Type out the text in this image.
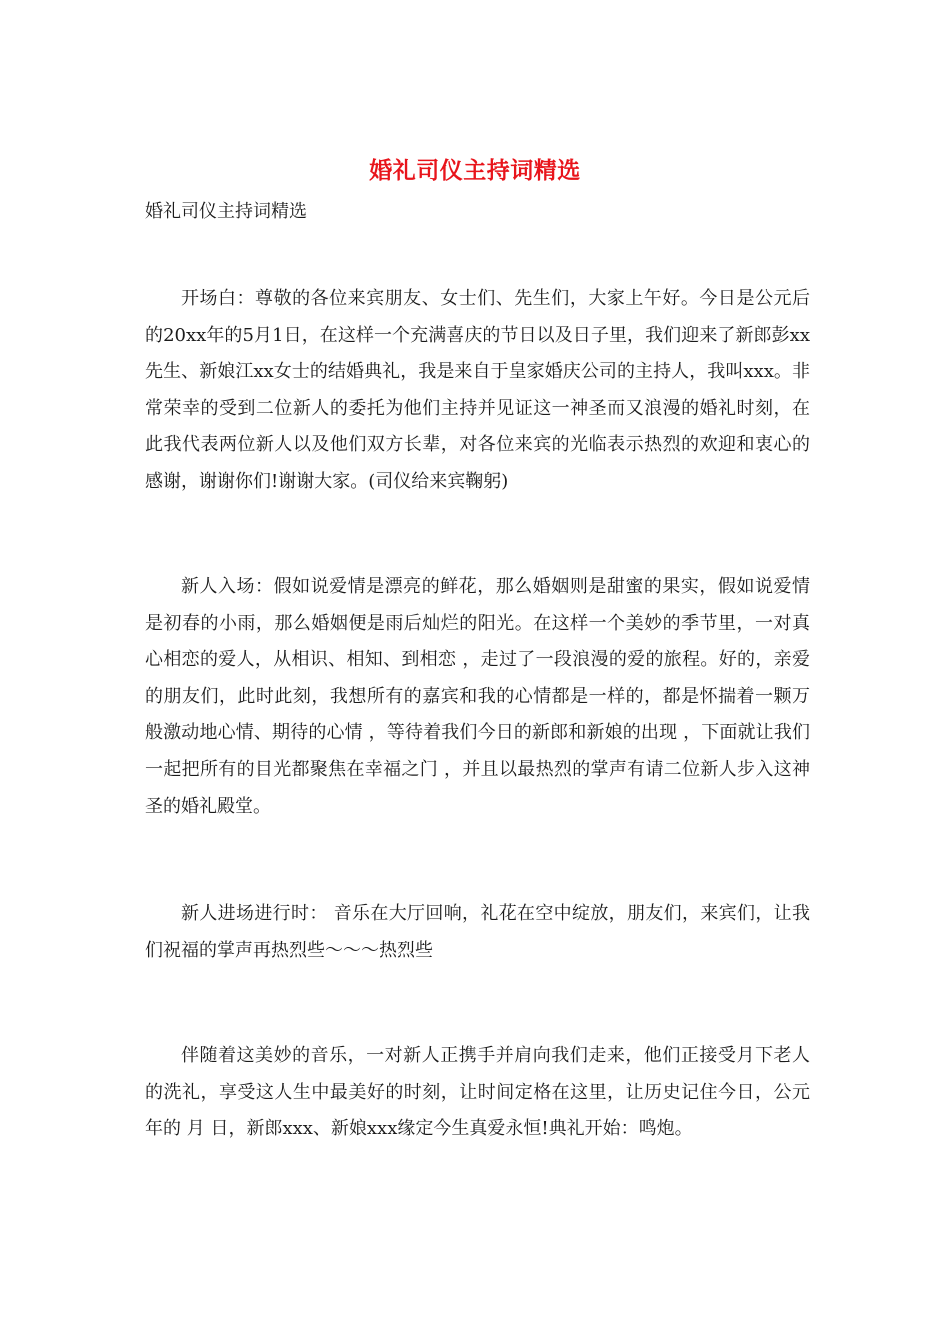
婚礼司仪主持词精选
婚礼司仪主持词精选

开场白：尊敬的各位来宾朋友、女士们、先生们，大家上午好。今日是公元后的20xx年的5月1日，在这样一个充满喜庆的节日以及日子里，我们迎来了新郎彭xx先生、新娘江xx女士的结婚典礼，我是来自于皇家婚庆公司的主持人，我叫xxx。非常荣幸的受到二位新人的委托为他们主持并见证这一神圣而又浪漫的婚礼时刻，在此我代表两位新人以及他们双方长辈，对各位来宾的光临表示热烈的欢迎和衷心的感谢，谢谢你们!谢谢大家。(司仪给来宾鞠躬)

新人入场：假如说爱情是漂亮的鲜花，那么婚姻则是甜蜜的果实，假如说爱情是初春的小雨，那么婚姻便是雨后灿烂的阳光。在这样一个美妙的季节里，一对真心相恋的爱人，从相识、相知、到相恋 ，走过了一段浪漫的爱的旅程。好的，亲爱的朋友们，此时此刻，我想所有的嘉宾和我的心情都是一样的，都是怀揣着一颗万般激动地心情、期待的心情 ，等待着我们今日的新郎和新娘的出现 ，下面就让我们一起把所有的目光都聚焦在幸福之门 ，并且以最热烈的掌声有请二位新人步入这神圣的婚礼殿堂。

新人进场进行时： 音乐在大厅回响，礼花在空中绽放，朋友们，来宾们，让我们祝福的掌声再热烈些～～～热烈些

伴随着这美妙的音乐，一对新人正携手并肩向我们走来，他们正接受月下老人的洗礼，享受这人生中最美好的时刻，让时间定格在这里，让历史记住今日，公元 年的 月 日，新郎xxx、新娘xxx缘定今生真爱永恒!典礼开始：鸣炮。
